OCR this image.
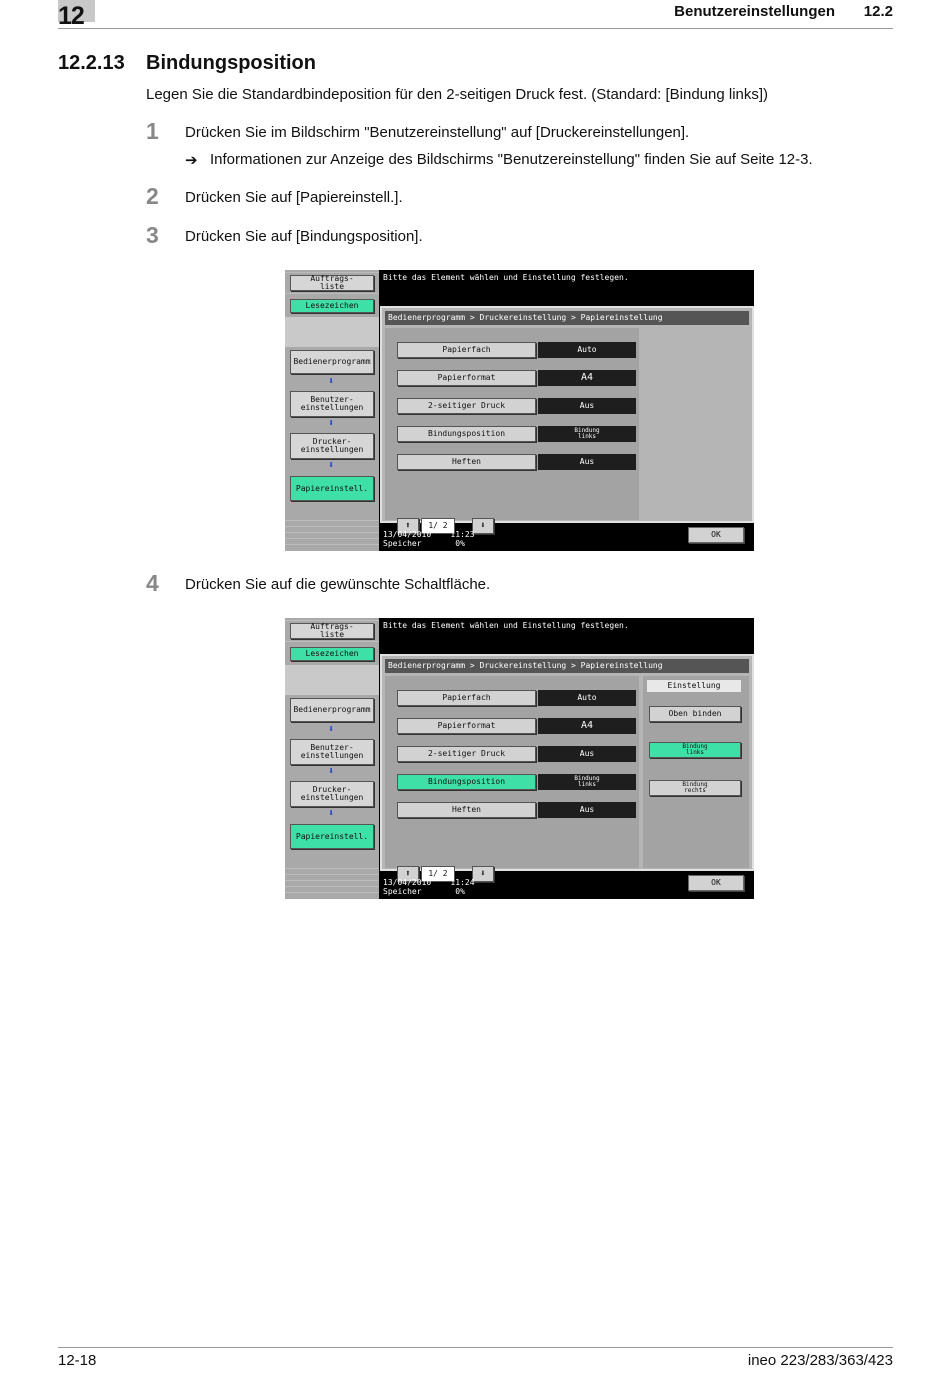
12	Benutzereinstellungen 12.2
12.2.13 Bindungsposition
Legen Sie die Standardbindeposition für den 2-seitigen Druck fest. (Standard: [Bindung links])
1 Drücken Sie im Bildschirm "Benutzereinstellung" auf [Druckereinstellungen].
➔ Informationen zur Anzeige des Bildschirms "Benutzereinstellung" finden Sie auf Seite 12-3.
2 Drücken Sie auf [Papiereinstell.].
3 Drücken Sie auf [Bindungsposition].
Auftrags-
liste
Lesezeichen
Bedienerprogramm
⬇
Benutzer-
einstellungen
⬇
Drucker-
einstellungen
⬇
Papiereinstell.
Bitte das Element wählen und Einstellung festlegen.
Bedienerprogramm > Druckereinstellung > Papiereinstellung
Papierfach	Auto
Papierformat	A4
2-seitiger Druck	Aus
Bindungsposition	Bindung
links
Heften	Aus
⬆	1/ 2	⬇
13/04/2010    11:23
Speicher       0%
OK
4 Drücken Sie auf die gewünschte Schaltfläche.
Auftrags-
liste
Lesezeichen
Bedienerprogramm
⬇
Benutzer-
einstellungen
⬇
Drucker-
einstellungen
⬇
Papiereinstell.
Bitte das Element wählen und Einstellung festlegen.
Bedienerprogramm > Druckereinstellung > Papiereinstellung
Papierfach	Auto
Papierformat	A4
2-seitiger Druck	Aus
Bindungsposition	Bindung
links
Heften	Aus
⬆	1/ 2	⬇
Einstellung
Oben binden
Bindung
links
Bindung
rechts
13/04/2010    11:24
Speicher       0%
OK
12-18	ineo 223/283/363/423
